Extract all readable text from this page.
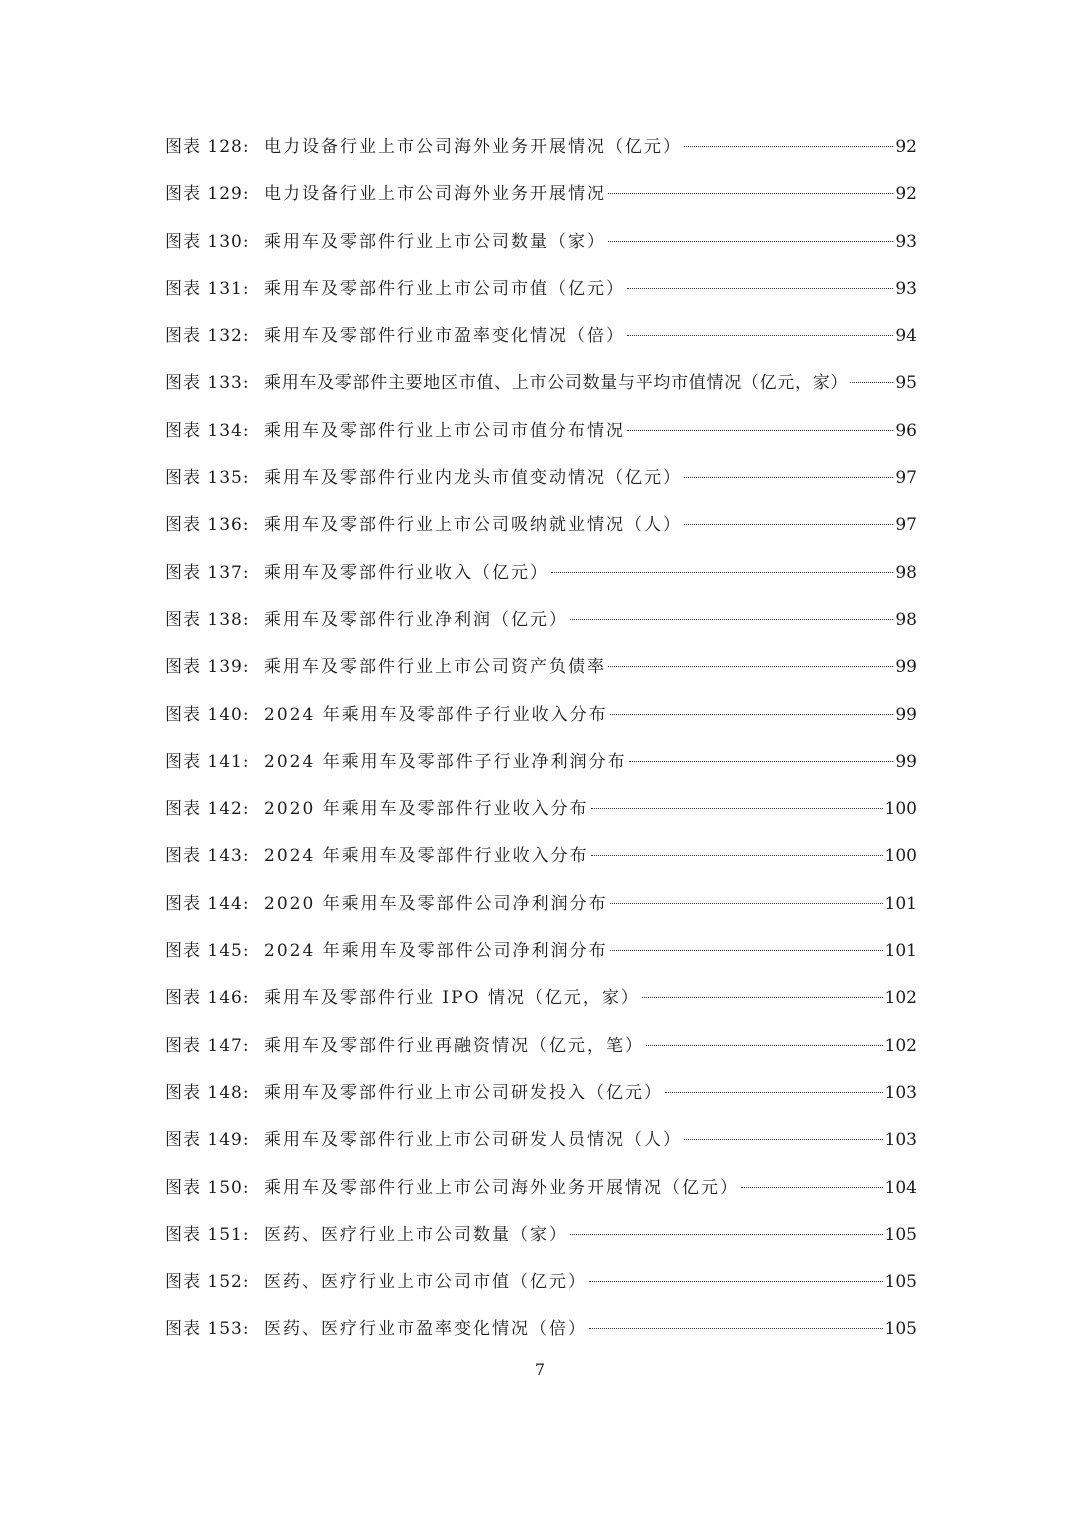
图表 128: 电力设备行业上市公司海外业务开展情况（亿元）	92
图表 129: 电力设备行业上市公司海外业务开展情况	92
图表 130: 乘用车及零部件行业上市公司数量（家）	93
图表 131: 乘用车及零部件行业上市公司市值（亿元）	93
图表 132: 乘用车及零部件行业市盈率变化情况（倍）	94
图表 133: 乘用车及零部件主要地区市值、上市公司数量与平均市值情况（亿元，家）	95
图表 134: 乘用车及零部件行业上市公司市值分布情况	96
图表 135: 乘用车及零部件行业内龙头市值变动情况（亿元）	97
图表 136: 乘用车及零部件行业上市公司吸纳就业情况（人）	97
图表 137: 乘用车及零部件行业收入（亿元）	98
图表 138: 乘用车及零部件行业净利润（亿元）	98
图表 139: 乘用车及零部件行业上市公司资产负债率	99
图表 140: 2024 年乘用车及零部件子行业收入分布	99
图表 141: 2024 年乘用车及零部件子行业净利润分布	99
图表 142: 2020 年乘用车及零部件行业收入分布	100
图表 143: 2024 年乘用车及零部件行业收入分布	100
图表 144: 2020 年乘用车及零部件公司净利润分布	101
图表 145: 2024 年乘用车及零部件公司净利润分布	101
图表 146: 乘用车及零部件行业 IPO 情况（亿元，家）	102
图表 147: 乘用车及零部件行业再融资情况（亿元，笔）	102
图表 148: 乘用车及零部件行业上市公司研发投入（亿元）	103
图表 149: 乘用车及零部件行业上市公司研发人员情况（人）	103
图表 150: 乘用车及零部件行业上市公司海外业务开展情况（亿元）	104
图表 151: 医药、医疗行业上市公司数量（家）	105
图表 152: 医药、医疗行业上市公司市值（亿元）	105
图表 153: 医药、医疗行业市盈率变化情况（倍）	105
7
